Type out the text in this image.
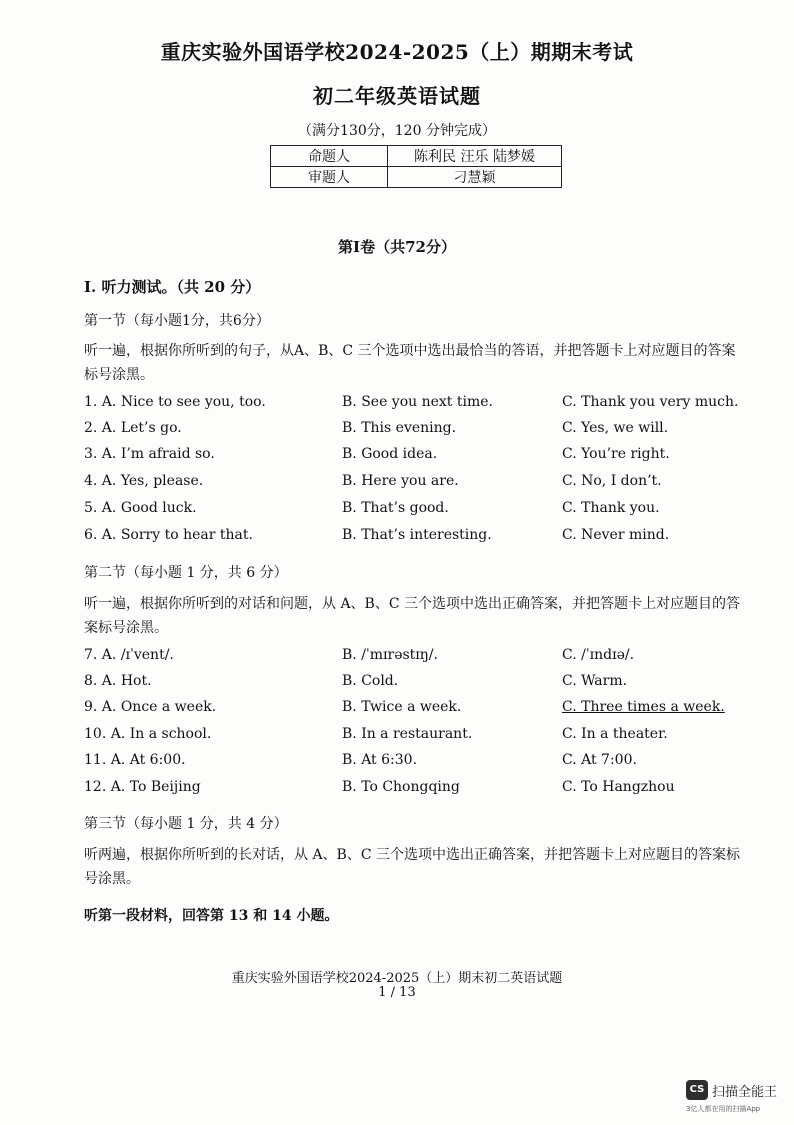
重庆实验外国语学校2024-2025（上）期期末考试
初二年级英语试题
（满分130分，120 分钟完成）
命题人	陈利民 汪乐 陆梦媛
审题人	刁慧颖
第Ⅰ卷（共72分）
I. 听力测试。（共 20 分）
第一节（每小题1分，共6分）
听一遍，根据你所听到的句子，从A、B、C 三个选项中选出最恰当的答语，并把答题卡上对应题目的答案标号涂黑。
1. A. Nice to see you, too.	B. See you next time.	C. Thank you very much.
2. A. Let’s go.	B. This evening.	C. Yes, we will.
3. A. I’m afraid so.	B. Good idea.	C. You’re right.
4. A. Yes, please.	B. Here you are.	C. No, I don’t.
5. A. Good luck.	B. That’s good.	C. Thank you.
6. A. Sorry to hear that.	B. That’s interesting.	C. Never mind.
第二节（每小题 1 分，共 6 分）
听一遍，根据你所听到的对话和问题，从 A、B、C 三个选项中选出正确答案，并把答题卡上对应题目的答案标号涂黑。
7. A. /ɪˈvent/.	B. /ˈmɪrəstɪŋ/.	C. /ˈɪndɪə/.
8. A. Hot.	B. Cold.	C. Warm.
9. A. Once a week.	B. Twice a week.	C. Three times a week.
10. A. In a school.	B. In a restaurant.	C. In a theater.
11. A. At 6:00.	B. At 6:30.	C. At 7:00.
12. A. To Beijing	B. To Chongqing	C. To Hangzhou
第三节（每小题 1 分，共 4 分）
听两遍，根据你所听到的长对话，从 A、B、C 三个选项中选出正确答案，并把答题卡上对应题目的答案标号涂黑。
听第一段材料，回答第 13 和 14 小题。
重庆实验外国语学校2024-2025（上）期末初二英语试题
1 / 13
CS 扫描全能王
3亿人都在用的扫描App
